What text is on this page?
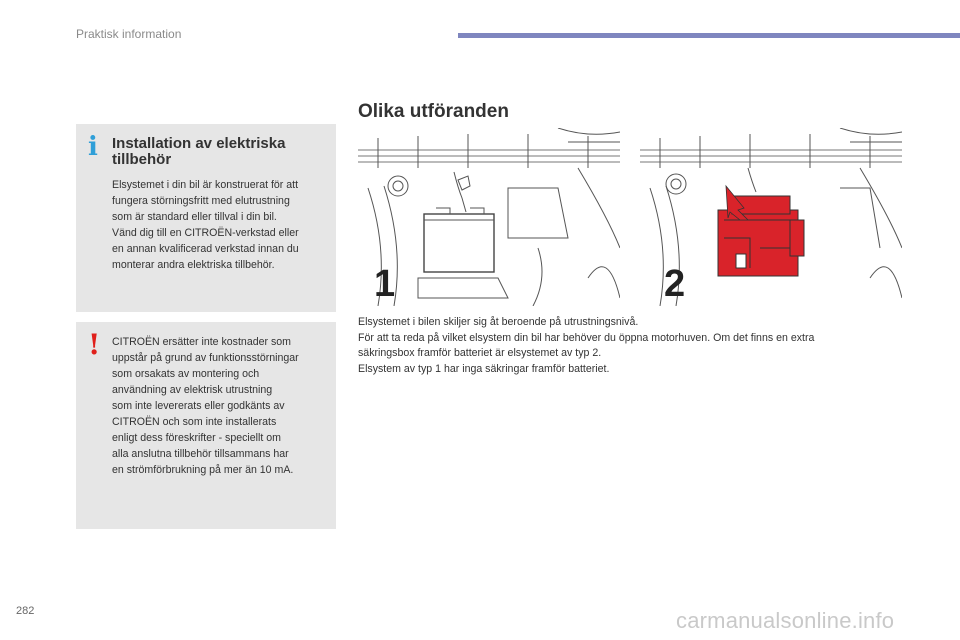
Praktisk information
i Installation av elektriska
tillbehör
Elsystemet i din bil är konstruerat för att
fungera störningsfritt med elutrustning
som är standard eller tillval i din bil.
Vänd dig till en CITROËN-verkstad eller
en annan kvalificerad verkstad innan du
monterar andra elektriska tillbehör.
! CITROËN ersätter inte kostnader som
uppstår på grund av funktionsstörningar
som orsakats av montering och
användning av elektrisk utrustning
som inte levererats eller godkänts av
CITROËN och som inte installerats
enligt dess föreskrifter - speciellt om
alla anslutna tillbehör tillsammans har
en strömförbrukning på mer än 10 mA.
Olika utföranden
1	2
Elsystemet i bilen skiljer sig åt beroende på utrustningsnivå.
För att ta reda på vilket elsystem din bil har behöver du öppna motorhuven. Om det finns en extra
säkringsbox framför batteriet är elsystemet av typ 2.
Elsystem av typ 1 har inga säkringar framför batteriet.
282	carmanualsonline.info
